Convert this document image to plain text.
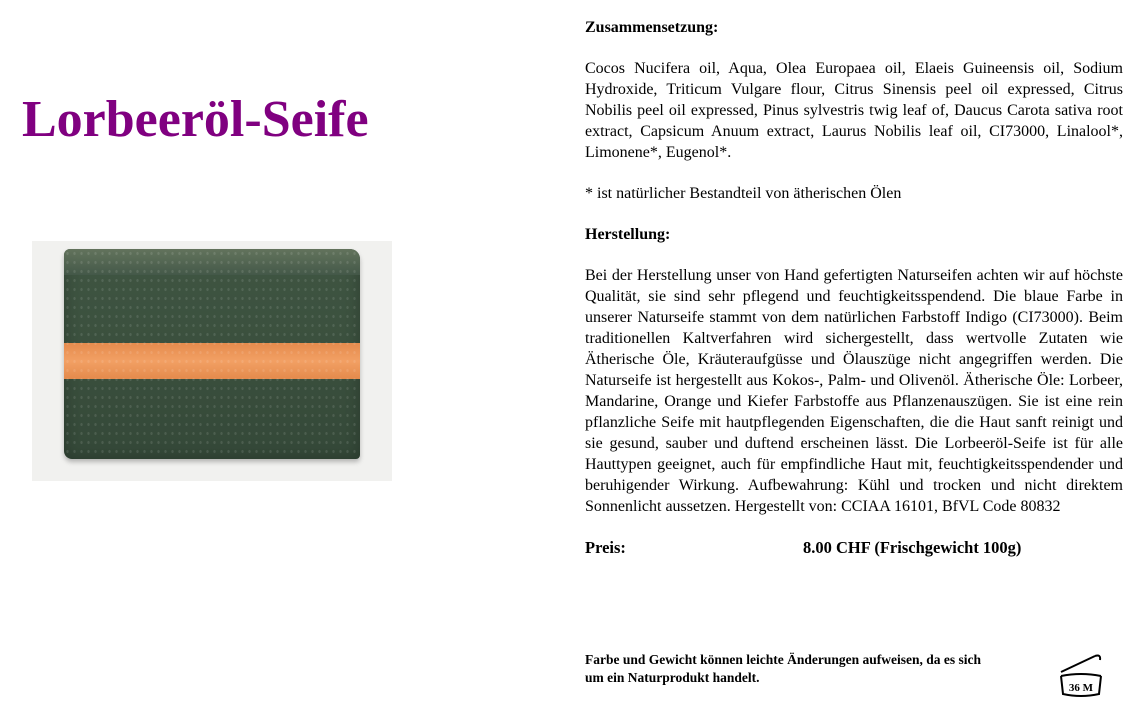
Lorbeeröl-Seife

Zusammensetzung:

Cocos Nucifera oil, Aqua, Olea Europaea oil, Elaeis Guineensis oil, Sodium Hydroxide, Triticum Vulgare flour, Citrus Sinensis peel oil expressed, Citrus Nobilis peel oil expressed, Pinus sylvestris twig leaf of, Daucus Carota sativa root extract, Capsicum Anuum extract, Laurus Nobilis leaf oil, CI73000, Linalool*, Limonene*, Eugenol*.

* ist natürlicher Bestandteil von ätherischen Ölen

Herstellung:

Bei der Herstellung unser von Hand gefertigten Naturseifen achten wir auf höchste Qualität, sie sind sehr pflegend und feuchtigkeitsspendend. Die blaue Farbe in unserer Naturseife stammt von dem natürlichen Farbstoff Indigo (CI73000). Beim traditionellen Kaltverfahren wird sichergestellt, dass wertvolle Zutaten wie Ätherische Öle, Kräuteraufgüsse und Ölauszüge nicht angegriffen werden. Die Naturseife ist hergestellt aus Kokos-, Palm- und Olivenöl. Ätherische Öle: Lorbeer, Mandarine, Orange und Kiefer Farbstoffe aus Pflanzenauszügen. Sie ist eine rein pflanzliche Seife mit hautpflegenden Eigenschaften, die die Haut sanft reinigt und sie gesund, sauber und duftend erscheinen lässt. Die Lorbeeröl-Seife ist für alle Hauttypen geeignet, auch für empfindliche Haut mit, feuchtigkeitsspendender und beruhigender Wirkung. Aufbewahrung: Kühl und trocken und nicht direktem Sonnenlicht aussetzen. Hergestellt von: CCIAA 16101, BfVL Code 80832

Preis:	8.00 CHF (Frischgewicht 100g)
Farbe und Gewicht können leichte Änderungen aufweisen, da es sich
um ein Naturprodukt handelt.
36 M
